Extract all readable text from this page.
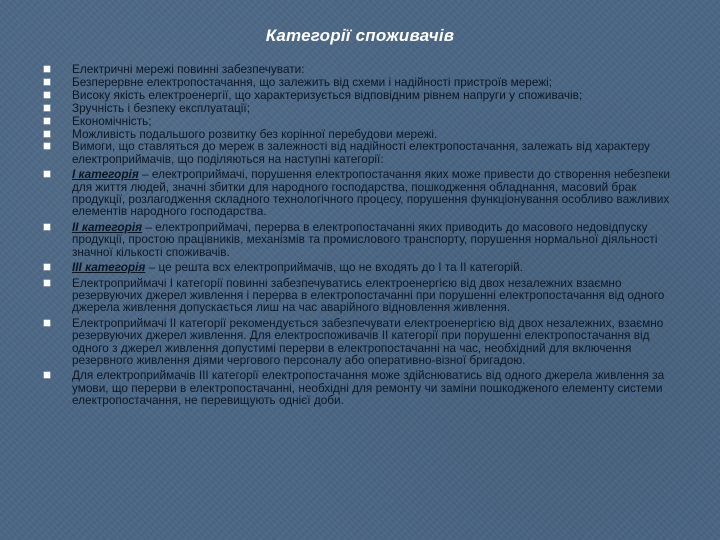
Категорії споживачів
Електричні мережі повинні забезпечувати:
Безперервне електропостачання, що залежить від схеми і надійності пристроїв мережі;
Високу якість електроенергії, що характеризується відповідним рівнем напруги у споживачів;
Зручність і безпеку експлуатації;
Економічність;
Можливість подальшого розвитку без корінної перебудови мережі.
Вимоги, що ставляться до мереж в залежності від надійності електропостачання, залежать від характеру електроприймачів, що поділяються на наступні категорії:
I категорія – електроприймачі, порушення електропостачання яких може привести до створення небезпеки для життя людей, значні збитки для народного господарства, пошкодження обладнання, масовий брак продукції, розлагодження складного технологічного процесу, порушення функціонування особливо важливих елементів народного господарства.
II категорія – електроприймачі, перерва в електропостачанні яких приводить до масового недовідпуску продукції, простою працівників, механізмів та промислового транспорту, порушення нормальної діяльності значної кількості споживачів.
III категорія – це решта всх електроприймачів, що не входять до I та II категорій.
Електроприймачі I категорії повинні забезпечуватись електроенергією від двох незалежних взаємно резервуючих джерел живлення і перерва в електропостачанні при порушенні електропостачання від одного джерела живлення допускається лиш на час аварійного відновлення живлення.
Електроприймачі II категорії рекомендується забезпечувати електроенергією від двох незалежних, взаємно резервуючих джерел живлення. Для електроспоживачів II категорії при порушенні електропостачання від одного з джерел живлення допустимі перерви в електропостачанні на час, необхідний для включення резервного живлення діями чергового персоналу або оперативно-візної бригадою.
Для електроприймачів III категорії електропостачання може здійснюватись від одного джерела живлення за умови, що перерви в електропостачанні, необхідні для ремонту чи заміни пошкодженого елементу системи електропостачання, не перевищують однієї доби.
